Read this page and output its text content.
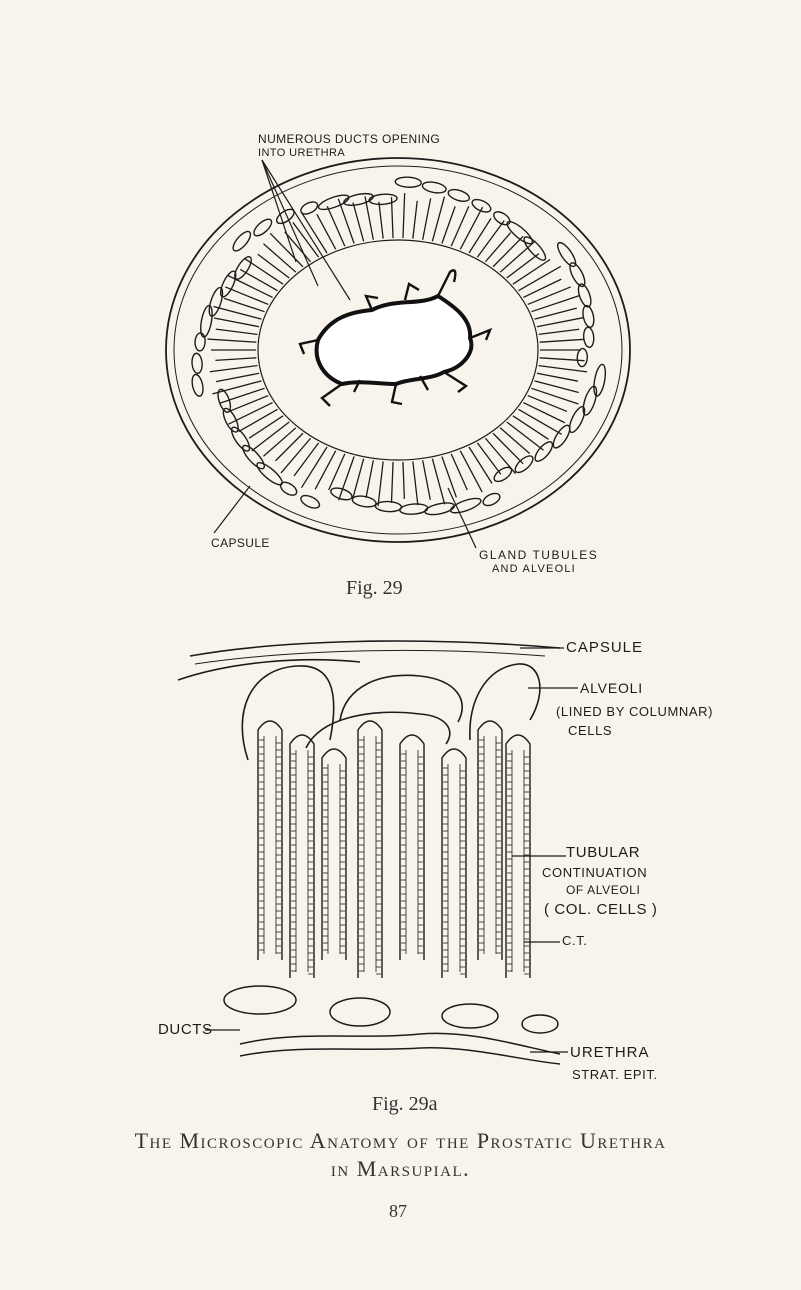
NUMEROUS DUCTS OPENING
INTO URETHRA
CAPSULE
GLAND TUBULES
AND ALVEOLI
Fig. 29
CAPSULE
ALVEOLI
(LINED BY COLUMNAR)
CELLS
TUBULAR
CONTINUATION
OF ALVEOLI
( COL. CELLS )
C.T.
DUCTS
URETHRA
STRAT. EPIT.
Fig. 29a
The Microscopic Anatomy of the Prostatic Urethra
in Marsupial.
87
